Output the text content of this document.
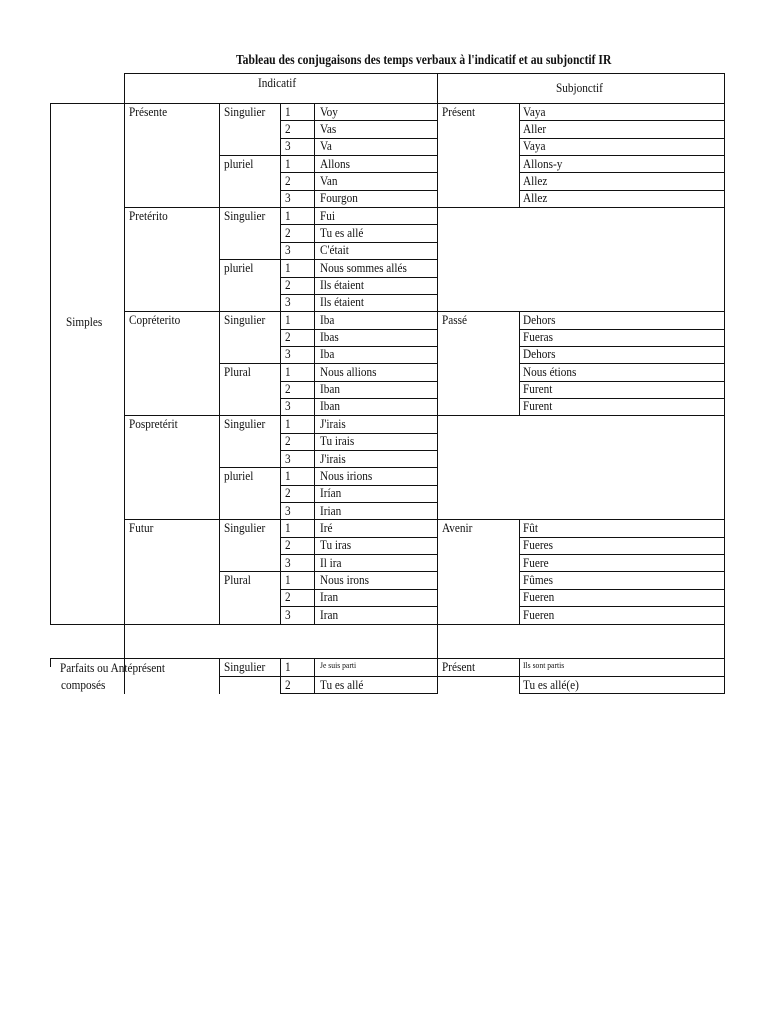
Tableau des conjugaisons des temps verbaux à l'indicatif et au subjonctif IR
Indicatif	Subjonctif
Présente	Singulier 1 Voy	Présent	Vaya
2 Vas	Aller
3 Va	Vaya
pluriel	1 Allons	Allons-y
2 Van	Allez
3 Fourgon	Allez
Pretérito	Singulier 1 Fui
2 Tu es allé
3 C'était
pluriel	1 Nous sommes allés
2 Ils étaient
3 Ils étaient
Copréterito	Singulier 1 Iba	Passé	Dehors
2 Ibas	Fueras
3 Iba	Dehors
Plural	1 Nous allions	Nous étions
2 Iban	Furent
3 Iban	Furent
Pospretérit	Singulier 1 J'irais
2 Tu irais
3 J'irais
pluriel	1 Nous irions
2 Irían
3 Irian
Futur	Singulier 1 Iré	Avenir	Fût
2 Tu iras	Fueres
3 Il ira	Fuere
Plural	1 Nous irons	Fûmes
2 Iran	Fueren
3 Iran	Fueren
Simples
Singulier 1	Je suis parti	Présent	Ils sont partis
2 Tu es allé	Tu es allé(e)
Parfaits ou Antéprésent
composés
